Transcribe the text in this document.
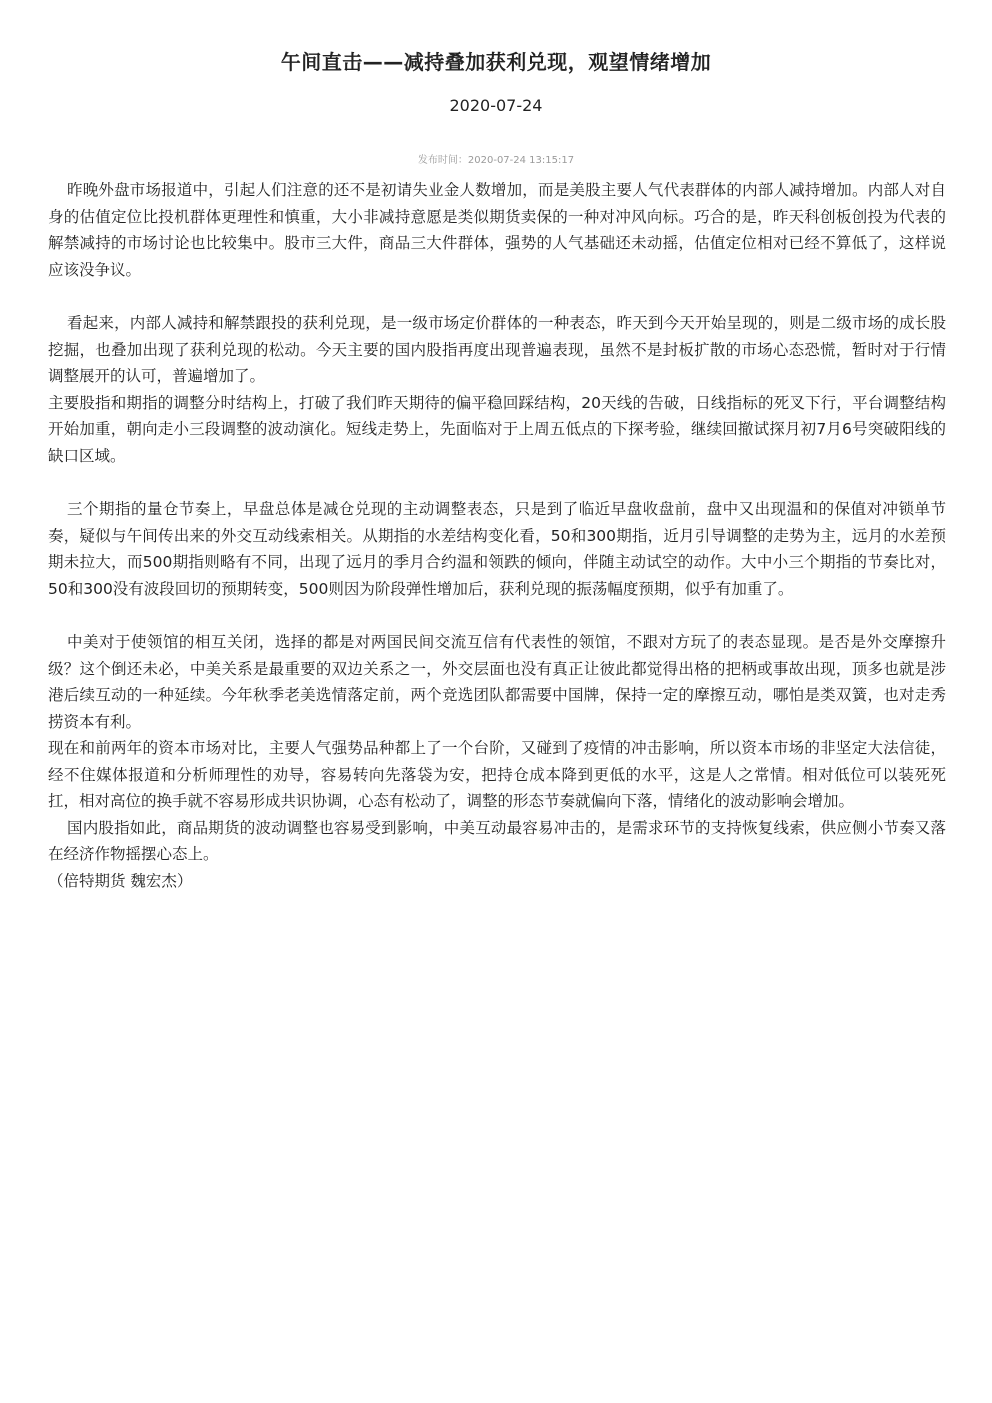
午间直击——减持叠加获利兑现，观望情绪增加
2020-07-24
发布时间：2020-07-24 13:15:17

昨晚外盘市场报道中，引起人们注意的还不是初请失业金人数增加，而是美股主要人气代表群体的内部人减持增加。内部人对自身的估值定位比投机群体更理性和慎重，大小非减持意愿是类似期货卖保的一种对冲风向标。巧合的是，昨天科创板创投为代表的解禁减持的市场讨论也比较集中。股市三大件，商品三大件群体，强势的人气基础还未动摇，估值定位相对已经不算低了，这样说应该没争议。

看起来，内部人减持和解禁跟投的获利兑现，是一级市场定价群体的一种表态，昨天到今天开始呈现的，则是二级市场的成长股挖掘，也叠加出现了获利兑现的松动。今天主要的国内股指再度出现普遍表现，虽然不是封板扩散的市场心态恐慌，暂时对于行情调整展开的认可，普遍增加了。

主要股指和期指的调整分时结构上，打破了我们昨天期待的偏平稳回踩结构，20天线的告破，日线指标的死叉下行，平台调整结构开始加重，朝向走小三段调整的波动演化。短线走势上，先面临对于上周五低点的下探考验，继续回撤试探月初7月6号突破阳线的缺口区域。

三个期指的量仓节奏上，早盘总体是减仓兑现的主动调整表态，只是到了临近早盘收盘前，盘中又出现温和的保值对冲锁单节奏，疑似与午间传出来的外交互动线索相关。从期指的水差结构变化看，50和300期指，近月引导调整的走势为主，远月的水差预期未拉大，而500期指则略有不同，出现了远月的季月合约温和领跌的倾向，伴随主动试空的动作。大中小三个期指的节奏比对，50和300没有波段回切的预期转变，500则因为阶段弹性增加后，获利兑现的振荡幅度预期，似乎有加重了。

中美对于使领馆的相互关闭，选择的都是对两国民间交流互信有代表性的领馆，不跟对方玩了的表态显现。是否是外交摩擦升级？这个倒还未必，中美关系是最重要的双边关系之一，外交层面也没有真正让彼此都觉得出格的把柄或事故出现，顶多也就是涉港后续互动的一种延续。今年秋季老美选情落定前，两个竞选团队都需要中国牌，保持一定的摩擦互动，哪怕是类双簧，也对走秀捞资本有利。

现在和前两年的资本市场对比，主要人气强势品种都上了一个台阶，又碰到了疫情的冲击影响，所以资本市场的非坚定大法信徒，经不住媒体报道和分析师理性的劝导，容易转向先落袋为安，把持仓成本降到更低的水平，这是人之常情。相对低位可以装死死扛，相对高位的换手就不容易形成共识协调，心态有松动了，调整的形态节奏就偏向下落，情绪化的波动影响会增加。

国内股指如此，商品期货的波动调整也容易受到影响，中美互动最容易冲击的，是需求环节的支持恢复线索，供应侧小节奏又落在经济作物摇摆心态上。

（倍特期货 魏宏杰）
